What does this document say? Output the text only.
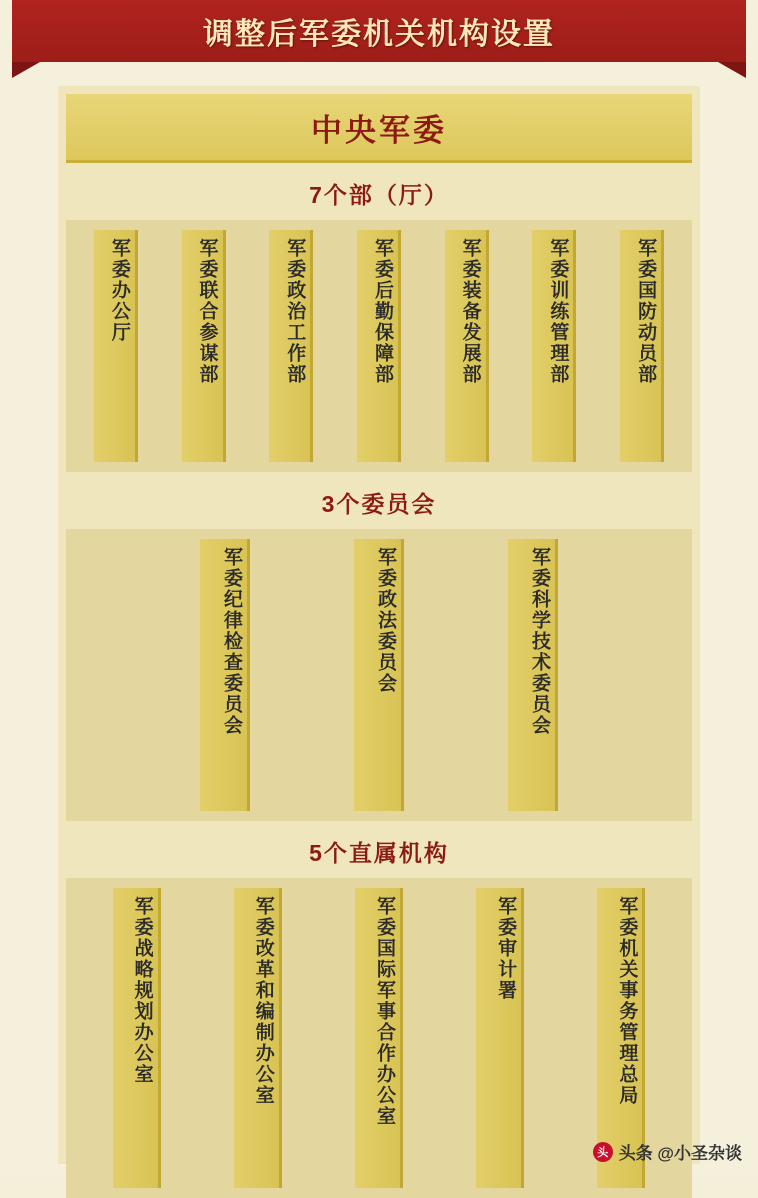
调整后军委机关机构设置
中央军委
7个部（厅）
军委办公厅	军委联合参谋部	军委政治工作部	军委后勤保障部	军委装备发展部	军委训练管理部	军委国防动员部
3个委员会
军委纪律检查委员会	军委政法委员会	军委科学技术委员会
5个直属机构
军委战略规划办公室	军委改革和编制办公室	军委国际军事合作办公室	军委审计署	军委机关事务管理总局
头 头条 @小圣杂谈
